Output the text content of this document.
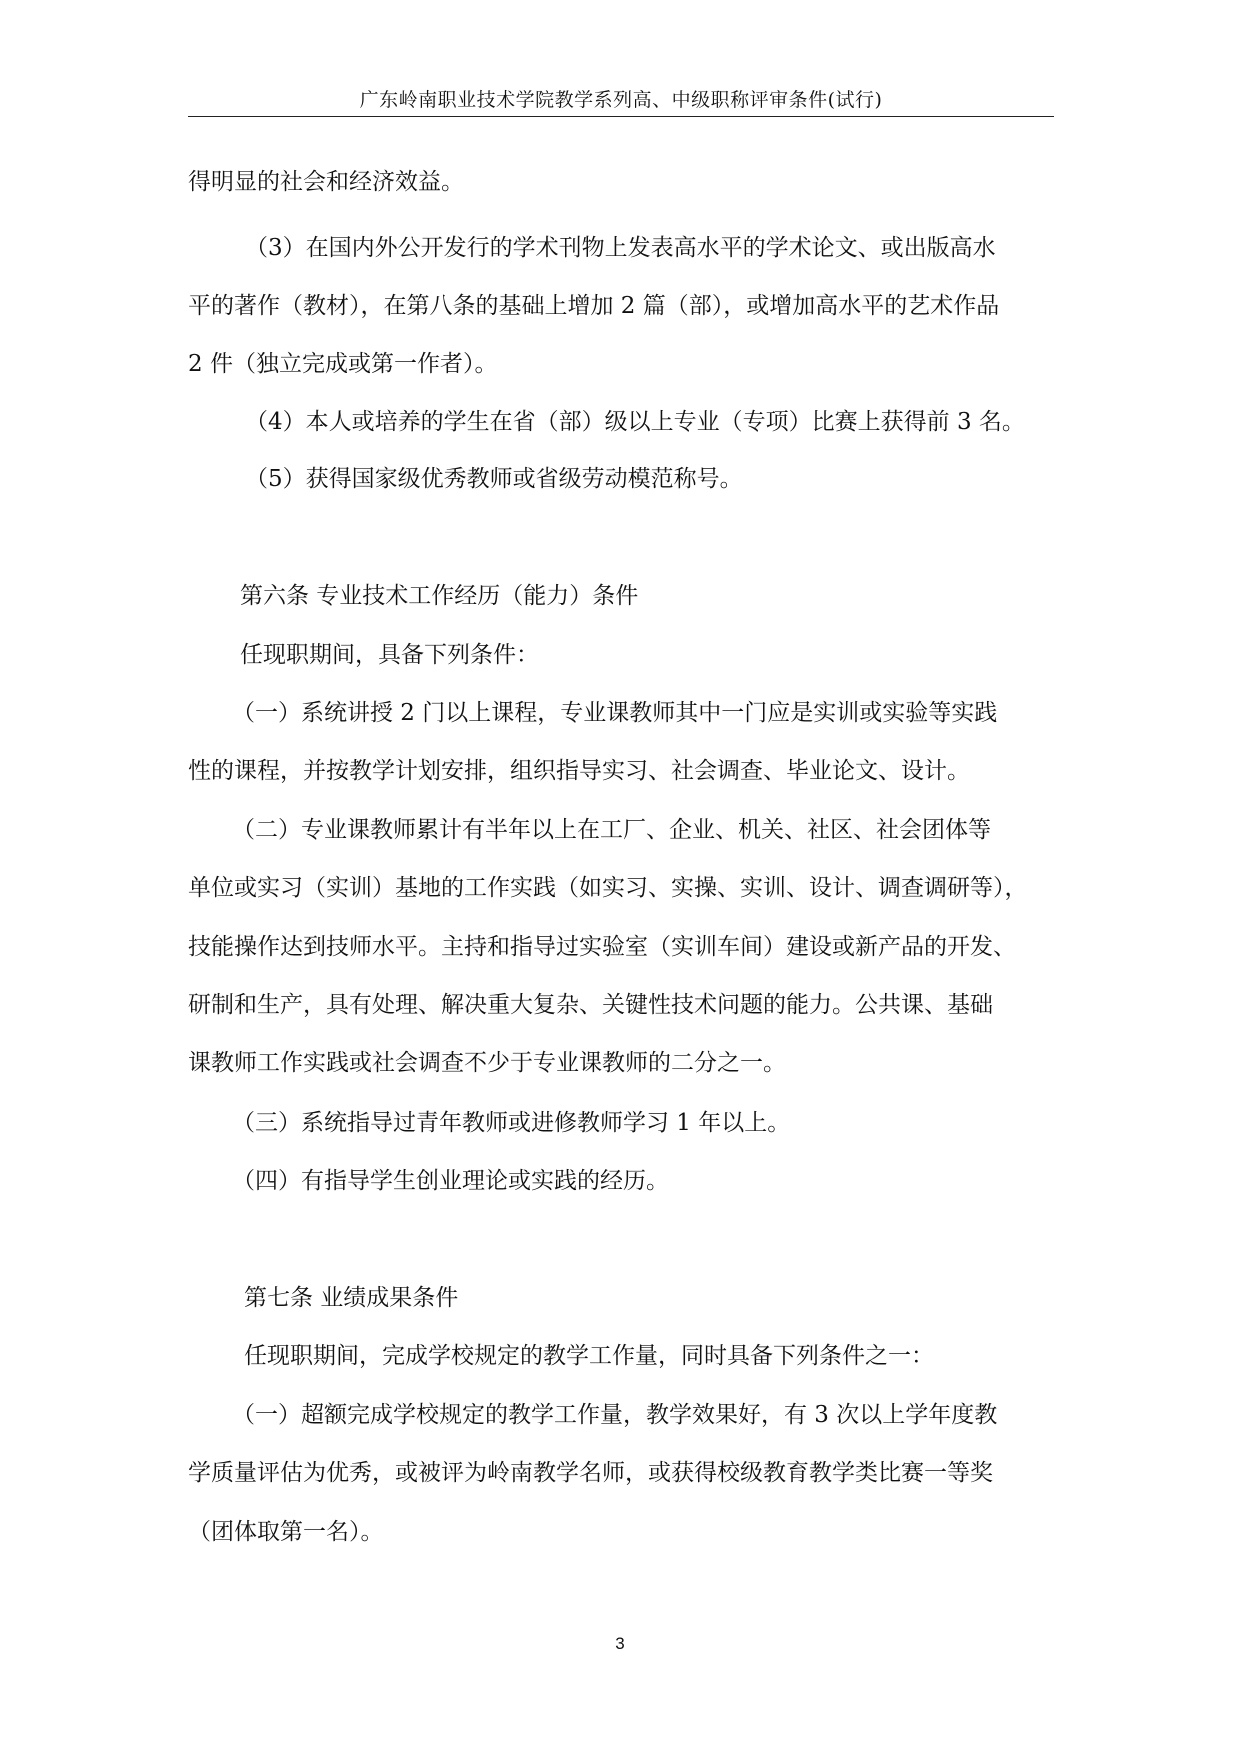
广东岭南职业技术学院教学系列高、中级职称评审条件(试行)
得明显的社会和经济效益。
（3）在国内外公开发行的学术刊物上发表高水平的学术论文、或出版高水
平的著作（教材），在第八条的基础上增加 2 篇（部），或增加高水平的艺术作品
2 件（独立完成或第一作者）。
（4）本人或培养的学生在省（部）级以上专业（专项）比赛上获得前 3 名。
（5）获得国家级优秀教师或省级劳动模范称号。
第六条 专业技术工作经历（能力）条件
任现职期间，具备下列条件：
（一）系统讲授 2 门以上课程，专业课教师其中一门应是实训或实验等实践
性的课程，并按教学计划安排，组织指导实习、社会调查、毕业论文、设计。
（二）专业课教师累计有半年以上在工厂、企业、机关、社区、社会团体等
单位或实习（实训）基地的工作实践（如实习、实操、实训、设计、调查调研等），
技能操作达到技师水平。主持和指导过实验室（实训车间）建设或新产品的开发、
研制和生产，具有处理、解决重大复杂、关键性技术问题的能力。公共课、基础
课教师工作实践或社会调查不少于专业课教师的二分之一。
（三）系统指导过青年教师或进修教师学习 1 年以上。
（四）有指导学生创业理论或实践的经历。
第七条 业绩成果条件
任现职期间，完成学校规定的教学工作量，同时具备下列条件之一：
（一）超额完成学校规定的教学工作量，教学效果好，有 3 次以上学年度教
学质量评估为优秀，或被评为岭南教学名师，或获得校级教育教学类比赛一等奖
（团体取第一名）。
3
